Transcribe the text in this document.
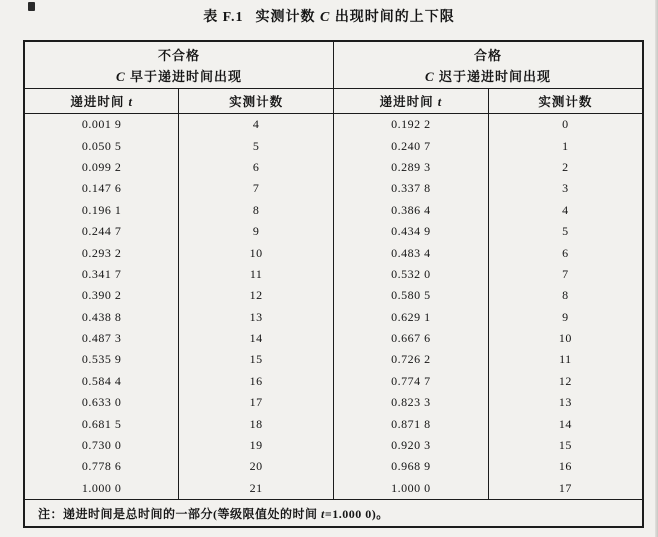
表 F.1 实测计数 C 出现时间的上下限
不合格
C 早于递进时间出现

合格
C 迟于递进时间出现

递进时间 t	实测计数	递进时间 t	实测计数
0.001 9	4	0.192 2	0
0.050 5	5	0.240 7	1
0.099 2	6	0.289 3	2
0.147 6	7	0.337 8	3
0.196 1	8	0.386 4	4
0.244 7	9	0.434 9	5
0.293 2	10	0.483 4	6
0.341 7	11	0.532 0	7
0.390 2	12	0.580 5	8
0.438 8	13	0.629 1	9
0.487 3	14	0.667 6	10
0.535 9	15	0.726 2	11
0.584 4	16	0.774 7	12
0.633 0	17	0.823 3	13
0.681 5	18	0.871 8	14
0.730 0	19	0.920 3	15
0.778 6	20	0.968 9	16
1.000 0	21	1.000 0	17
注：递进时间是总时间的一部分(等级限值处的时间 t=1.000 0)。			
